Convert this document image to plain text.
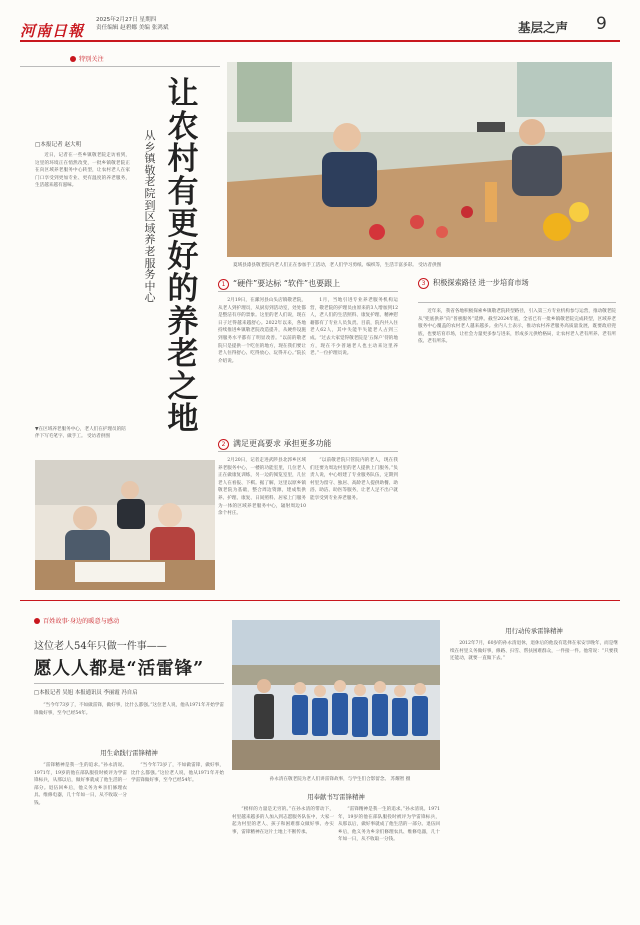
河南日報
2025年2月27日 星期四
责任编辑 赵碧娜 美编 张鸿斌	基层之声 9
特别关注
□本报记者 赵大明

近日，记者在一些乡镇敬老院走访看到，这里的环境正在悄然改变，一批乡镇敬老院正在向区域养老服务中心转型，让农村老人在家门口享受到更加专业、更有温度的养老服务，生活越来越有滋味。

让农村有更好的养老之地
从乡镇敬老院到区域养老服务中心
夏域县漆县敬老院内老人们正在参加手工活动，老人们学习剪纸、编织等，生活丰富多彩。 受访者供图
1 “硬件”要达标 “软件”也要跟上

2月19日，在漯河县山头店镇敬老院，从老人到护理员，从厨房到活动室，处处都是整洁有序的景象。这里的老人们说，现在日子过得越来越舒心。2022年以来，各地持续推进乡镇敬老院改造提升，从硬件设施到服务水平都有了明显改善。“以前的敬老院只是提供一个吃住的地方，现在我们要让老人住得舒心、吃得放心、玩得开心。”院长介绍说。

1月，当地引进专业养老服务机构运营，敬老院的护理员由原来的3人增加到12人，老人们的生活照料、康复护理、精神慰藉都有了专业人员负责。目前，院内共入住老人62人，其中失能半失能老人占到三成。“过去大家觉得敬老院是‘五保户’待的地方，现在不少普通老人也主动来这里养老。”一位护理员说。

2 满足更高要求 承担更多功能

2月20日，记者走进武陟县北郭乡区域养老服务中心，一楼的功能室里，几位老人正在做康复训练，另一边的阅览室里，几位老人在看报、下棋。据了解，这里以原乡镇敬老院为基础，整合周边资源，建成集供养、护理、康复、日间照料、居家上门服务为一体的区域养老服务中心，辐射周边10余个村庄。

“以前敬老院只管院内的老人，现在我们还要为周边村里的老人提供上门服务。”负责人说，中心组建了专业服务队伍，定期到村里为留守、独居、高龄老人提供助餐、助浴、助洁、助医等服务，让老人足不出户就能享受到专业养老服务。

3 积极探索路径 进一步培育市场

近年来，我省各地积极探索乡镇敬老院转型路径，引入第三方专业机构参与运营，推动敬老院从“兜底供养”向“普惠服务”延伸。截至2024年底，全省已有一批乡镇敬老院完成转型，区域养老服务中心覆盖的农村老人越来越多。业内人士表示，推动农村养老服务高质量发展，既要政府兜底，也要培育市场，让社会力量更多参与进来，形成多元供给格局，让农村老人老有所养、老有所依、老有所乐。

▼在区域养老服务中心，老人们在护理员的陪伴下写毛笔字、做手工。 受访者供图
百姓故事·身边的暖意与感动
这位老人54年只做一件事——
愿人人都是“活雷锋”
□本报记者 吴旭 本报通讯员 李丽霞 冯自启

“当今年73岁了，不如做雷锋，做好事，比什么都强。”这位老人说，他从1971年开始学雷锋做好事，至今已经54年。

用生命践行雷锋精神

“雷锋精神是我一生的追求。”孙永清说。1971年，19岁的他在部队服役时被评为学雷锋标兵，从那以后，做好事就成了他生活的一部分。退伍回乡后，他义务为乡亲们修理农具、维修电器，几十年如一日，从不收取一分钱。

“当今年73岁了，不如做雷锋，做好事，比什么都强。”这位老人说，他从1971年开始学雷锋做好事，至今已经54年。	孙永清在敬老院为老人们讲雷锋故事，与学生们合影留念。 苏耀智 摄
用奉献书写雷锋精神

“榜样的力量是无穷的。”在孙永清的带动下，村里越来越多的人加入到志愿服务队伍中，大家一起为村里的老人、孩子和困难群众做好事、办实事，雷锋精神在这片土地上不断传承。

“雷锋精神是我一生的追求。”孙永清说。1971年，19岁的他在部队服役时被评为学雷锋标兵，从那以后，做好事就成了他生活的一部分。退伍回乡后，他义务为乡亲们修理农具、维修电器，几十年如一日，从不收取一分钱。

用行动传承雷锋精神

2012年7月，60岁的孙永清退休，退休后的他没有选择在家安享晚年，而是继续在村里义务做好事，修路、扫雪、帮扶困难群众，一件接一件。他常说：“只要我还能动，就要一直做下去。”
